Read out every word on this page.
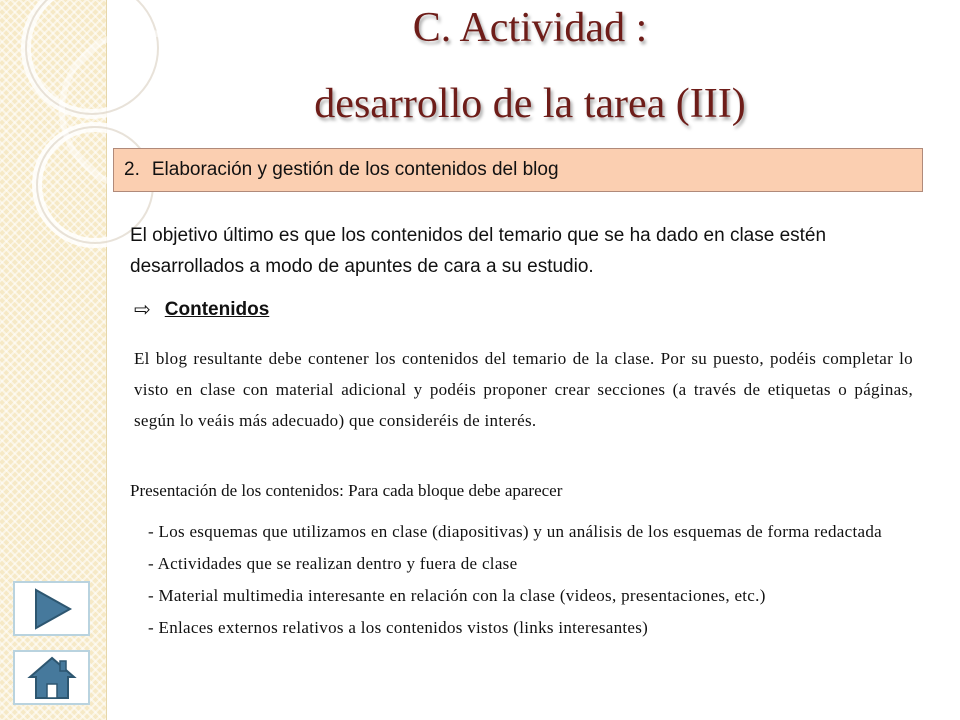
C. Actividad :
desarrollo de la tarea (III)
2. Elaboración y gestión de los contenidos del blog

El objetivo último es que los contenidos del temario que se ha dado en clase estén desarrollados a modo de apuntes de cara a su estudio.

⇨ Contenidos

El blog resultante debe contener los contenidos del temario de la clase. Por su puesto, podéis completar lo visto en clase con material adicional y podéis proponer crear secciones (a través de etiquetas o páginas, según lo veáis más adecuado) que consideréis de interés.

Presentación de los contenidos: Para cada bloque debe aparecer

- Los esquemas que utilizamos en clase (diapositivas) y un análisis de los esquemas de forma redactada
- Actividades que se realizan dentro y fuera de clase
- Material multimedia interesante en relación con la clase (videos, presentaciones, etc.)
- Enlaces externos relativos a los contenidos vistos (links interesantes)
